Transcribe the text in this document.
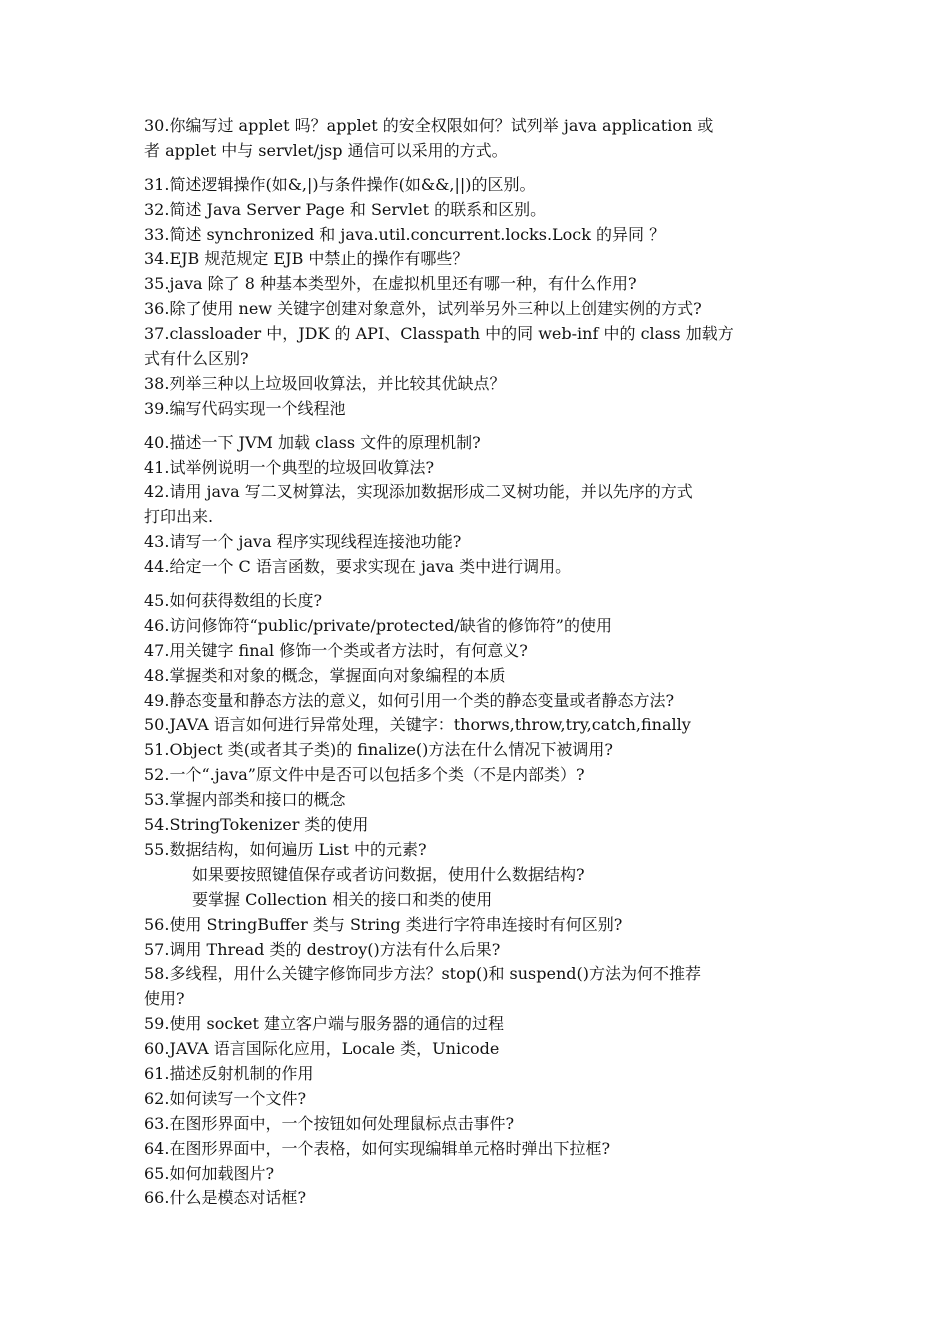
30.你编写过 applet 吗？applet 的安全权限如何？试列举 java application 或
者 applet 中与 servlet/jsp 通信可以采用的方式。
31.简述逻辑操作(如&,|)与条件操作(如&&,||)的区别。
32.简述 Java Server Page 和 Servlet 的联系和区别。
33.简述 synchronized 和 java.util.concurrent.locks.Lock 的异同 ？
34.EJB 规范规定 EJB 中禁止的操作有哪些？
35.java 除了 8 种基本类型外，在虚拟机里还有哪一种，有什么作用?
36.除了使用 new 关键字创建对象意外，试列举另外三种以上创建实例的方式?
37.classloader 中，JDK 的 API、Classpath 中的同 web-inf 中的 class 加载方
式有什么区别?
38.列举三种以上垃圾回收算法，并比较其优缺点？
39.编写代码实现一个线程池
40.描述一下 JVM 加载 class 文件的原理机制?
41.试举例说明一个典型的垃圾回收算法?
42.请用 java 写二叉树算法，实现添加数据形成二叉树功能，并以先序的方式
打印出来.
43.请写一个 java 程序实现线程连接池功能?
44.给定一个 C 语言函数，要求实现在 java 类中进行调用。
45.如何获得数组的长度?
46.访问修饰符“public/private/protected/缺省的修饰符”的使用
47.用关键字 final 修饰一个类或者方法时，有何意义?
48.掌握类和对象的概念，掌握面向对象编程的本质
49.静态变量和静态方法的意义，如何引用一个类的静态变量或者静态方法?
50.JAVA 语言如何进行异常处理，关键字：thorws,throw,try,catch,finally
51.Object 类(或者其子类)的 finalize()方法在什么情况下被调用?
52.一个“.java”原文件中是否可以包括多个类（不是内部类）?
53.掌握内部类和接口的概念
54.StringTokenizer 类的使用
55.数据结构，如何遍历 List 中的元素?
如果要按照键值保存或者访问数据，使用什么数据结构?
要掌握 Collection 相关的接口和类的使用
56.使用 StringBuffer 类与 String 类进行字符串连接时有何区别?
57.调用 Thread 类的 destroy()方法有什么后果?
58.多线程，用什么关键字修饰同步方法？stop()和 suspend()方法为何不推荐
使用?
59.使用 socket 建立客户端与服务器的通信的过程
60.JAVA 语言国际化应用，Locale 类，Unicode
61.描述反射机制的作用
62.如何读写一个文件?
63.在图形界面中，一个按钮如何处理鼠标点击事件?
64.在图形界面中，一个表格，如何实现编辑单元格时弹出下拉框?
65.如何加载图片?
66.什么是模态对话框?
